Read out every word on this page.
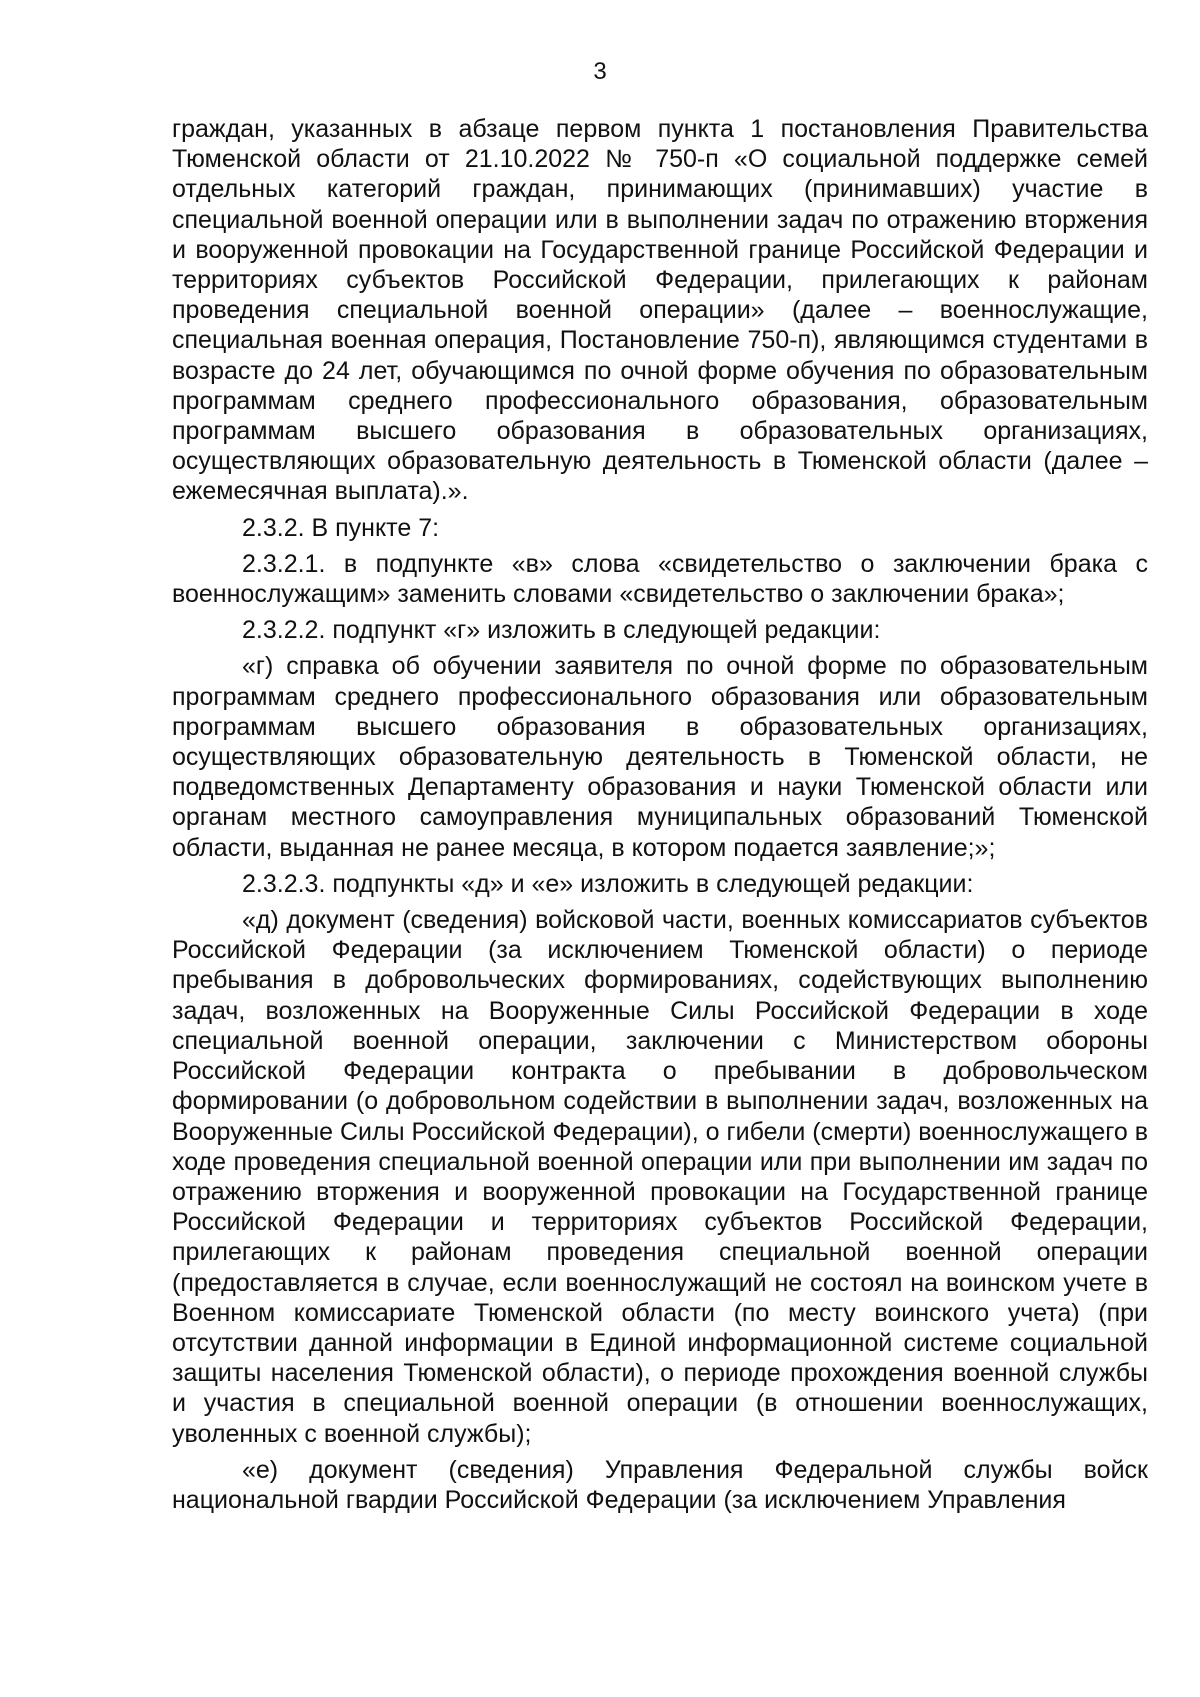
3

граждан, указанных в абзаце первом пункта 1 постановления Правительства Тюменской области от 21.10.2022 № 750-п «О социальной поддержке семей отдельных категорий граждан, принимающих (принимавших) участие в специальной военной операции или в выполнении задач по отражению вторжения и вооруженной провокации на Государственной границе Российской Федерации и территориях субъектов Российской Федерации, прилегающих к районам проведения специальной военной операции» (далее – военнослужащие, специальная военная операция, Постановление 750-п), являющимся студентами в возрасте до 24 лет, обучающимся по очной форме обучения по образовательным программам среднего профессионального образования, образовательным программам высшего образования в образовательных организациях, осуществляющих образовательную деятельность в Тюменской области (далее – ежемесячная выплата).».

2.3.2. В пункте 7:

2.3.2.1. в подпункте «в» слова «свидетельство о заключении брака с военнослужащим» заменить словами «свидетельство о заключении брака»;

2.3.2.2. подпункт «г» изложить в следующей редакции:

«г) справка об обучении заявителя по очной форме по образовательным программам среднего профессионального образования или образовательным программам высшего образования в образовательных организациях, осуществляющих образовательную деятельность в Тюменской области, не подведомственных Департаменту образования и науки Тюменской области или органам местного самоуправления муниципальных образований Тюменской области, выданная не ранее месяца, в котором подается заявление;»;

2.3.2.3. подпункты «д» и «е» изложить в следующей редакции:

«д) документ (сведения) войсковой части, военных комиссариатов субъектов Российской Федерации (за исключением Тюменской области) о периоде пребывания в добровольческих формированиях, содействующих выполнению задач, возложенных на Вооруженные Силы Российской Федерации в ходе специальной военной операции, заключении с Министерством обороны Российской Федерации контракта о пребывании в добровольческом формировании (о добровольном содействии в выполнении задач, возложенных на Вооруженные Силы Российской Федерации), о гибели (смерти) военнослужащего в ходе проведения специальной военной операции или при выполнении им задач по отражению вторжения и вооруженной провокации на Государственной границе Российской Федерации и территориях субъектов Российской Федерации, прилегающих к районам проведения специальной военной операции (предоставляется в случае, если военнослужащий не состоял на воинском учете в Военном комиссариате Тюменской области (по месту воинского учета) (при отсутствии данной информации в Единой информационной системе социальной защиты населения Тюменской области), о периоде прохождения военной службы и участия в специальной военной операции (в отношении военнослужащих, уволенных с военной службы);

«е) документ (сведения) Управления Федеральной службы войск национальной гвардии Российской Федерации (за исключением Управления
